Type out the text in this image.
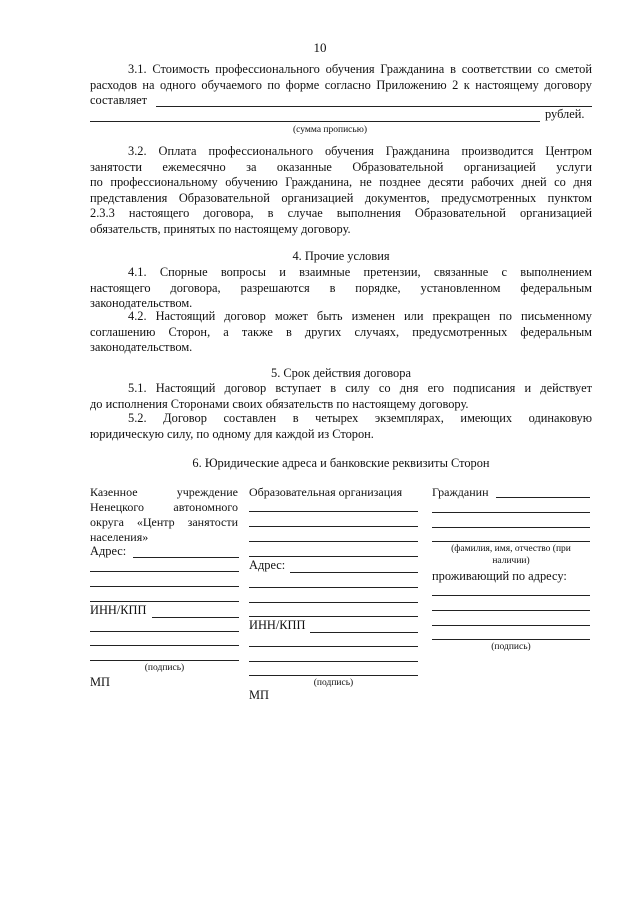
10
3.1. Стоимость профессионального обучения Гражданина в соответствии со сметой
расходов на одного обучаемого по форме согласно Приложению 2 к настоящему договору
составляет
рублей.
(сумма прописью)
3.2. Оплата профессионального обучения Гражданина производится Центром
занятости ежемесячно за оказанные Образовательной организацией услуги
по профессиональному обучению Гражданина, не позднее десяти рабочих дней со дня
представления Образовательной организацией документов, предусмотренных пунктом
2.3.3 настоящего договора, в случае выполнения Образовательной организацией
обязательств, принятых по настоящему договору.
4. Прочие условия
4.1. Спорные вопросы и взаимные претензии, связанные с выполнением
настоящего договора, разрешаются в порядке, установленном федеральным
законодательством.
4.2. Настоящий договор может быть изменен или прекращен по письменному
соглашению Сторон, а также в других случаях, предусмотренных федеральным
законодательством.
5. Срок действия договора
5.1. Настоящий договор вступает в силу со дня его подписания и действует
до исполнения Сторонами своих обязательств по настоящему договору.
5.2. Договор составлен в четырех экземплярах, имеющих одинаковую
юридическую силу, по одному для каждой из Сторон.
6. Юридические адреса и банковские реквизиты Сторон
Казенное учреждение
Ненецкого автономного
округа «Центр занятости
населения»
Адрес:
ИНН/КПП
(подпись)
МП
Образовательная организация
Адрес:
ИНН/КПП
(подпись)
МП
Гражданин
(фамилия, имя, отчество (при
наличии)
проживающий по адресу:
(подпись)
